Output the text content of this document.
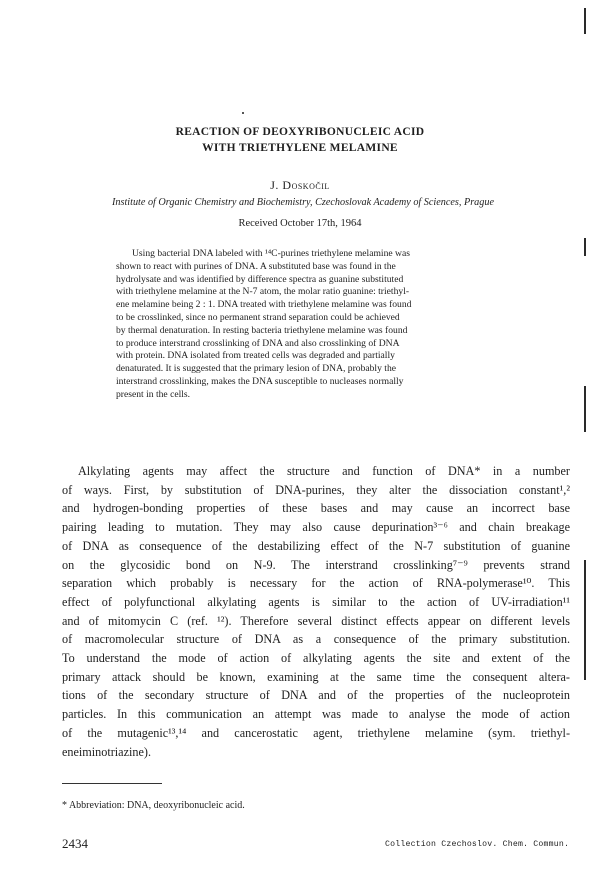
REACTION OF DEOXYRIBONUCLEIC ACID
WITH TRIETHYLENE MELAMINE
J. Doskočil
Institute of Organic Chemistry and Biochemistry, Czechoslovak Academy of Sciences, Prague
Received October 17th, 1964
Using bacterial DNA labeled with ¹⁴C-purines triethylene melamine was
shown to react with purines of DNA. A substituted base was found in the
hydrolysate and was identified by difference spectra as guanine substituted
with triethylene melamine at the N-7 atom, the molar ratio guanine: triethyl-
ene melamine being 2 : 1. DNA treated with triethylene melamine was found
to be crosslinked, since no permanent strand separation could be achieved
by thermal denaturation. In resting bacteria triethylene melamine was found
to produce interstrand crosslinking of DNA and also crosslinking of DNA
with protein. DNA isolated from treated cells was degraded and partially
denaturated. It is suggested that the primary lesion of DNA, probably the
interstrand crosslinking, makes the DNA susceptible to nucleases normally
present in the cells.
Alkylating agents may affect the structure and function of DNA* in a number
of ways. First, by substitution of DNA-purines, they alter the dissociation constant¹,²
and hydrogen-bonding properties of these bases and may cause an incorrect base
pairing leading to mutation. They may also cause depurination³⁻⁶ and chain breakage
of DNA as consequence of the destabilizing effect of the N-7 substitution of guanine
on the glycosidic bond on N-9. The interstrand crosslinking⁷⁻⁹ prevents strand
separation which probably is necessary for the action of RNA-polymerase¹⁰. This
effect of polyfunctional alkylating agents is similar to the action of UV-irradiation¹¹
and of mitomycin C (ref. ¹²). Therefore several distinct effects appear on different levels
of macromolecular structure of DNA as a consequence of the primary substitution.
To understand the mode of action of alkylating agents the site and extent of the
primary attack should be known, examining at the same time the consequent altera-
tions of the secondary structure of DNA and of the properties of the nucleoprotein
particles. In this communication an attempt was made to analyse the mode of action
of the mutagenic¹³,¹⁴ and cancerostatic agent, triethylene melamine (sym. triethyl-
eneiminotriazine).
* Abbreviation: DNA, deoxyribonucleic acid.
2434	Collection Czechoslov. Chem. Commun.
